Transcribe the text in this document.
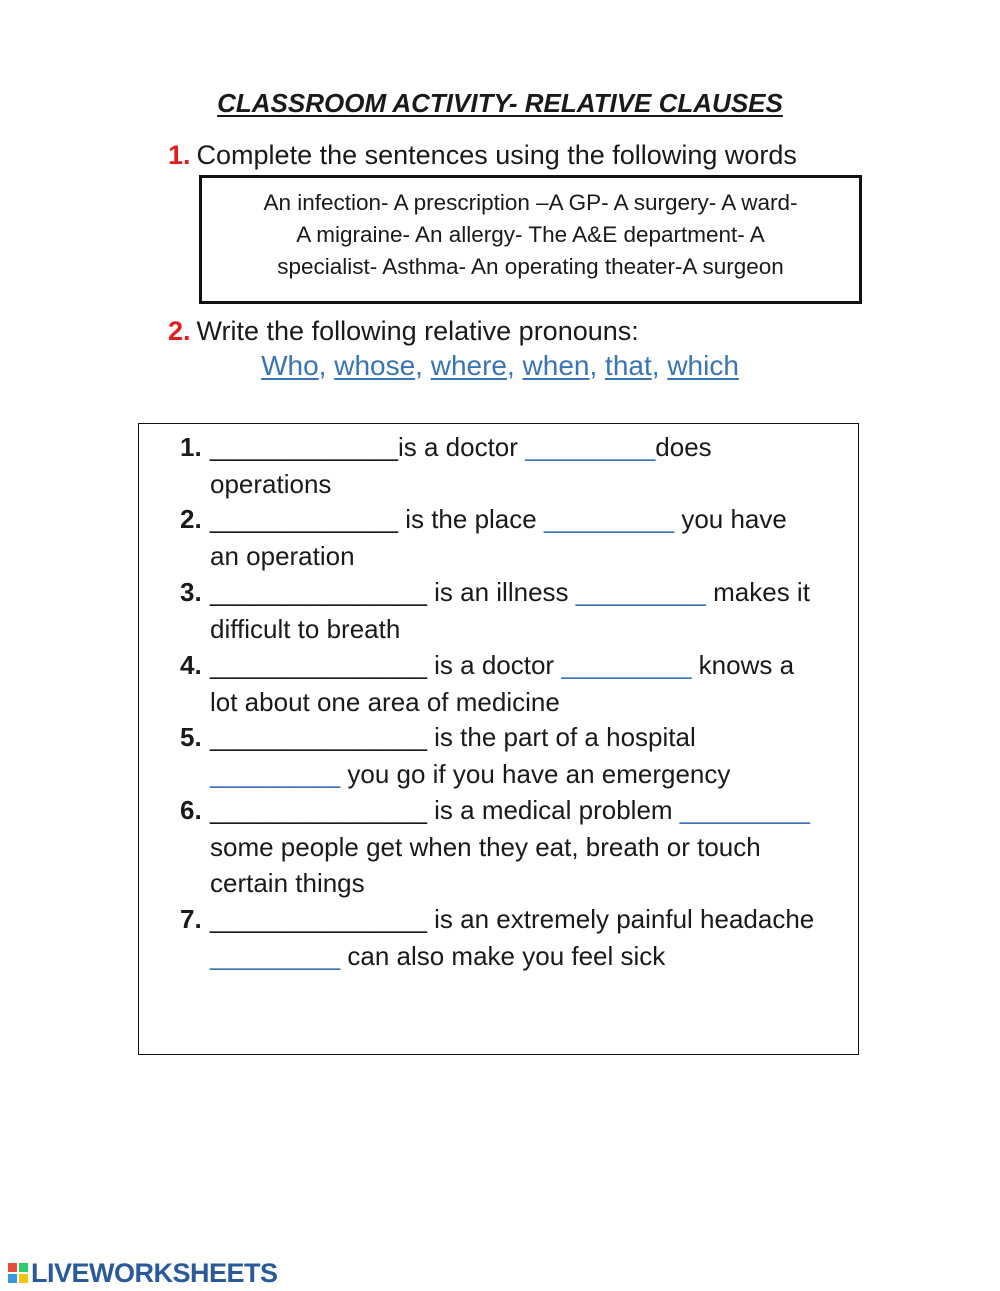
CLASSROOM ACTIVITY- RELATIVE CLAUSES
1. Complete the sentences using the following words
An infection- A prescription –A GP- A surgery- A ward-
A migraine- An allergy- The A&E department- A
specialist- Asthma- An operating theater-A surgeon
2. Write the following relative pronouns:
Who, whose, where, when, that, which
1. _____________is a doctor _________does operations
2. _____________ is the place _________ you have an operation
3. _______________ is an illness _________ makes it difficult to breath
4. _______________ is a doctor _________ knows a lot about one area of medicine
5. _______________ is the part of a hospital _________ you go if you have an emergency
6. _______________ is a medical problem _________ some people get when they eat, breath or touch certain things
7. _______________ is an extremely painful headache _________ can also make you feel sick
LIVEWORKSHEETS
